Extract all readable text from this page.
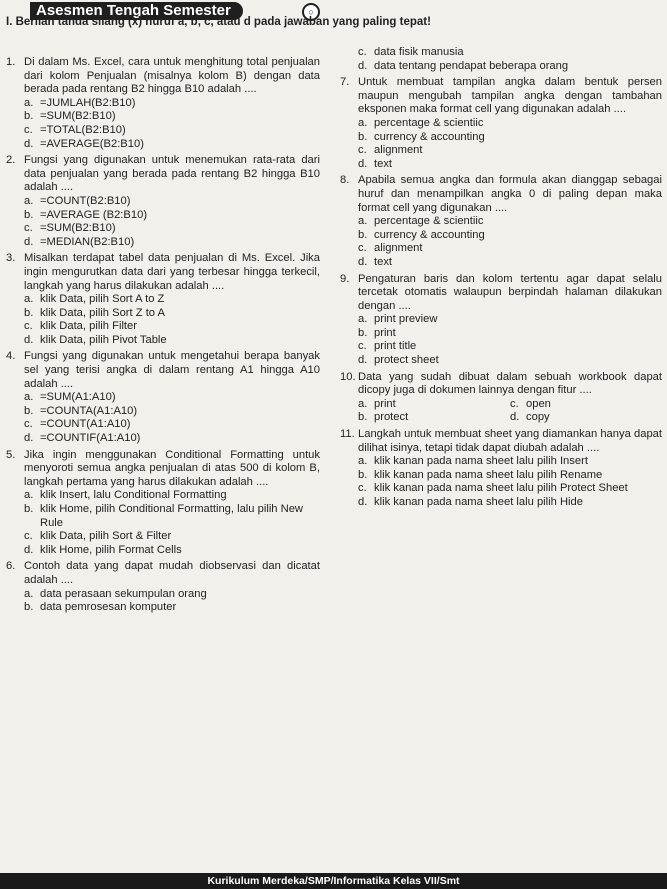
Asesmen Tengah Semester	○
I. Berilah tanda silang (x) huruf a, b, c, atau d pada jawaban yang paling tepat!
1. Di dalam Ms. Excel, cara untuk menghitung total penjualan dari kolom Penjualan (misalnya kolom B) dengan data berada pada rentang B2 hingga B10 adalah ....
a. =JUMLAH(B2:B10)
b. =SUM(B2:B10)
c. =TOTAL(B2:B10)
d. =AVERAGE(B2:B10)
2. Fungsi yang digunakan untuk menemukan rata-rata dari data penjualan yang berada pada rentang B2 hingga B10 adalah ....
a. =COUNT(B2:B10)
b. =AVERAGE (B2:B10)
c. =SUM(B2:B10)
d. =MEDIAN(B2:B10)
3. Misalkan terdapat tabel data penjualan di Ms. Excel. Jika ingin mengurutkan data dari yang terbesar hingga terkecil, langkah yang harus dilakukan adalah ....
a. klik Data, pilih Sort A to Z
b. klik Data, pilih Sort Z to A
c. klik Data, pilih Filter
d. klik Data, pilih Pivot Table
4. Fungsi yang digunakan untuk mengetahui berapa banyak sel yang terisi angka di dalam rentang A1 hingga A10 adalah ....
a. =SUM(A1:A10)
b. =COUNTA(A1:A10)
c. =COUNT(A1:A10)
d. =COUNTIF(A1:A10)
5. Jika ingin menggunakan Conditional Formatting untuk menyoroti semua angka penjualan di atas 500 di kolom B, langkah pertama yang harus dilakukan adalah ....
a. klik Insert, lalu Conditional Formatting
b. klik Home, pilih Conditional Formatting, lalu pilih New Rule
c. klik Data, pilih Sort & Filter
d. klik Home, pilih Format Cells
6. Contoh data yang dapat mudah diobservasi dan dicatat adalah ....
a. data perasaan sekumpulan orang
b. data pemrosesan komputer
c. data fisik manusia
d. data tentang pendapat beberapa orang
7. Untuk membuat tampilan angka dalam bentuk persen maupun mengubah tampilan angka dengan tambahan eksponen maka format cell yang digunakan adalah ....
a. percentage & scientiic
b. currency & accounting
c. alignment
d. text
8. Apabila semua angka dan formula akan dianggap sebagai huruf dan menampilkan angka 0 di paling depan maka format cell yang digunakan ....
a. percentage & scientiic
b. currency & accounting
c. alignment
d. text
9. Pengaturan baris dan kolom tertentu agar dapat selalu tercetak otomatis walaupun berpindah halaman dilakukan dengan ....
a. print preview
b. print
c. print title
d. protect sheet
10. Data yang sudah dibuat dalam sebuah workbook dapat dicopy juga di dokumen lainnya dengan fitur ....
a. print	c. open
b. protect	d. copy
11. Langkah untuk membuat sheet yang diamankan hanya dapat dilihat isinya, tetapi tidak dapat diubah adalah ....
a. klik kanan pada nama sheet lalu pilih Insert
b. klik kanan pada nama sheet lalu pilih Rename
c. klik kanan pada nama sheet lalu pilih Protect Sheet
d. klik kanan pada nama sheet lalu pilih Hide
Kurikulum Merdeka/SMP/Informatika Kelas VII/Smt
